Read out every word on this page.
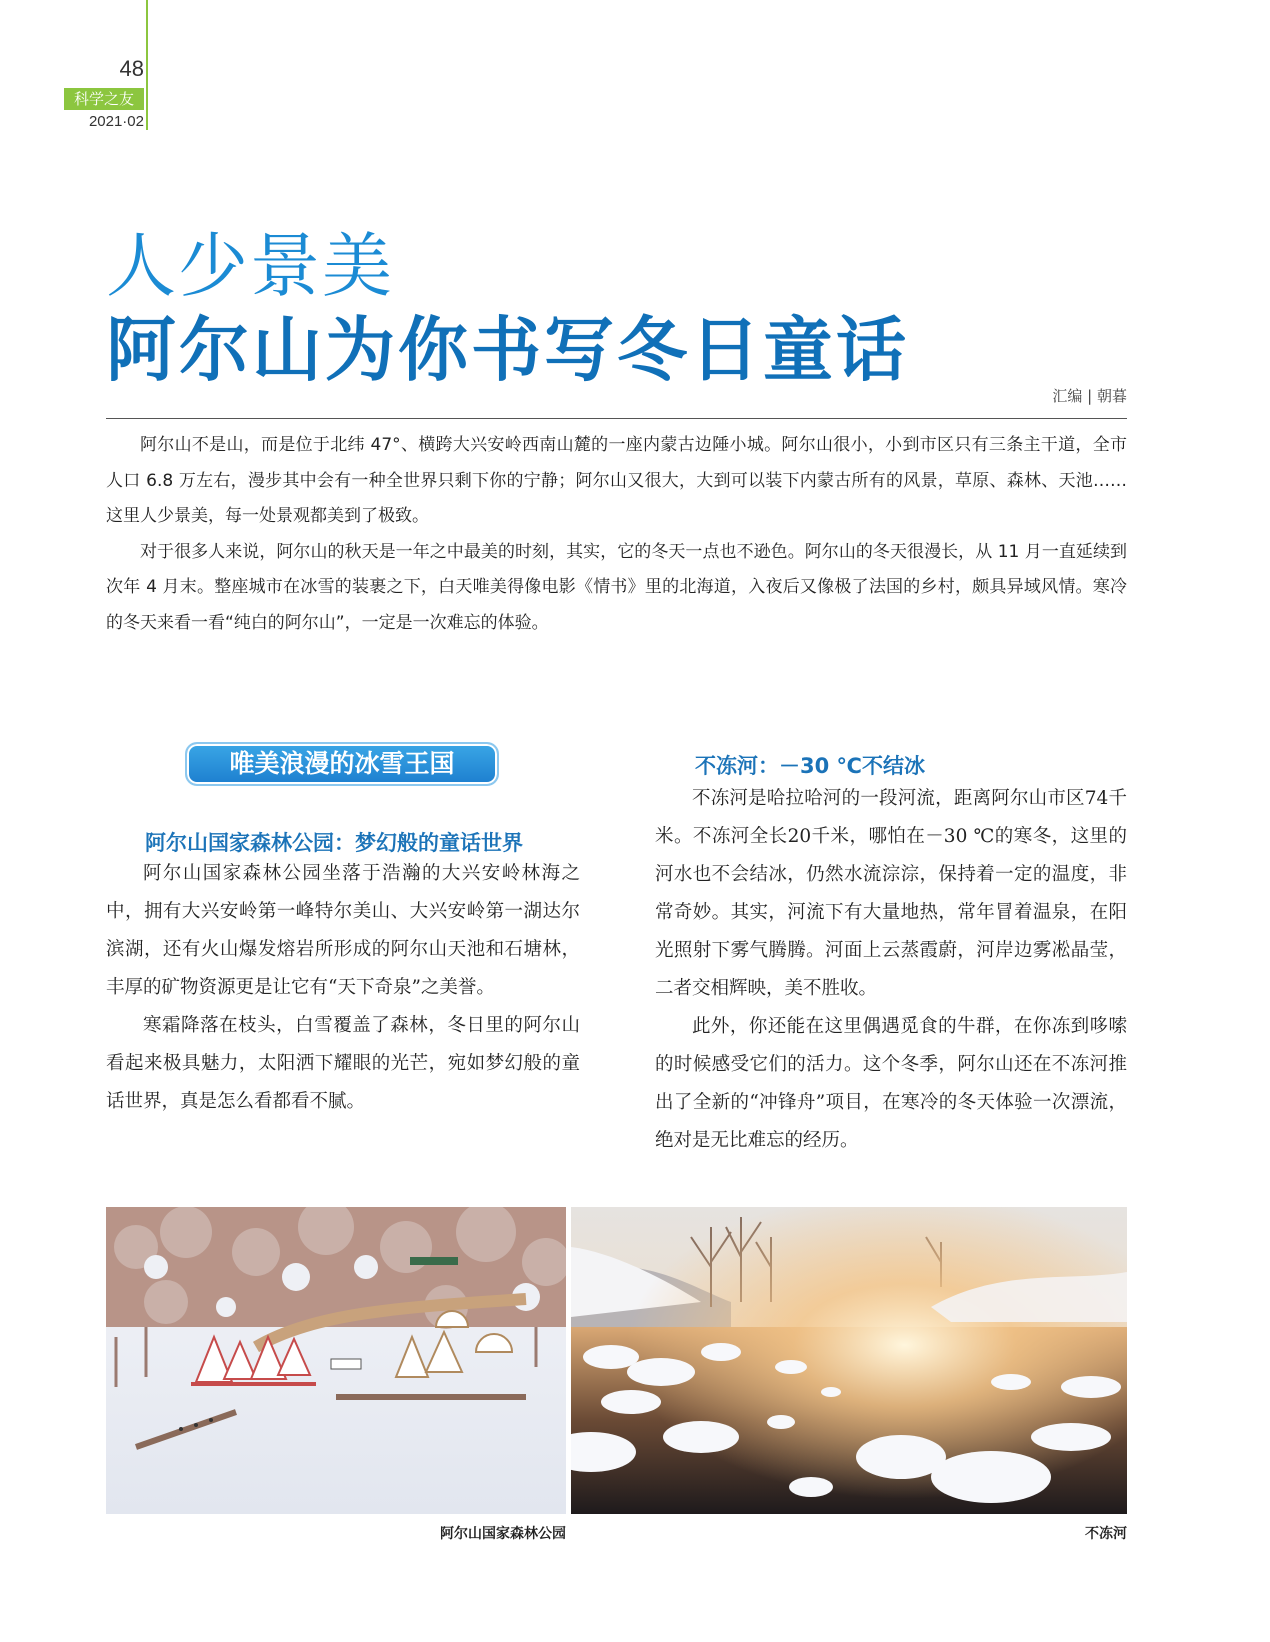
48
科学之友
2021·02
人少景美
阿尔山为你书写冬日童话
汇编 | 朝暮

阿尔山不是山，而是位于北纬 47°、横跨大兴安岭西南山麓的一座内蒙古边陲小城。阿尔山很小，小到市区只有三条主干道，全市人口 6.8 万左右，漫步其中会有一种全世界只剩下你的宁静；阿尔山又很大，大到可以装下内蒙古所有的风景，草原、森林、天池……这里人少景美，每一处景观都美到了极致。

对于很多人来说，阿尔山的秋天是一年之中最美的时刻，其实，它的冬天一点也不逊色。阿尔山的冬天很漫长，从 11 月一直延续到次年 4 月末。整座城市在冰雪的装裹之下，白天唯美得像电影《情书》里的北海道，入夜后又像极了法国的乡村，颇具异域风情。寒冷的冬天来看一看“纯白的阿尔山”，一定是一次难忘的体验。

唯美浪漫的冰雪王国
阿尔山国家森林公园：梦幻般的童话世界

阿尔山国家森林公园坐落于浩瀚的大兴安岭林海之中，拥有大兴安岭第一峰特尔美山、大兴安岭第一湖达尔滨湖，还有火山爆发熔岩所形成的阿尔山天池和石塘林，丰厚的矿物资源更是让它有“天下奇泉”之美誉。

寒霜降落在枝头，白雪覆盖了森林，冬日里的阿尔山看起来极具魅力，太阳洒下耀眼的光芒，宛如梦幻般的童话世界，真是怎么看都看不腻。

不冻河：－30 ℃不结冰

不冻河是哈拉哈河的一段河流，距离阿尔山市区74千米。不冻河全长20千米，哪怕在－30 ℃的寒冬，这里的河水也不会结冰，仍然水流淙淙，保持着一定的温度，非常奇妙。其实，河流下有大量地热，常年冒着温泉，在阳光照射下雾气腾腾。河面上云蒸霞蔚，河岸边雾凇晶莹，二者交相辉映，美不胜收。

此外，你还能在这里偶遇觅食的牛群，在你冻到哆嗦的时候感受它们的活力。这个冬季，阿尔山还在不冻河推出了全新的“冲锋舟”项目，在寒冷的冬天体验一次漂流，绝对是无比难忘的经历。

阿尔山国家森林公园	不冻河
